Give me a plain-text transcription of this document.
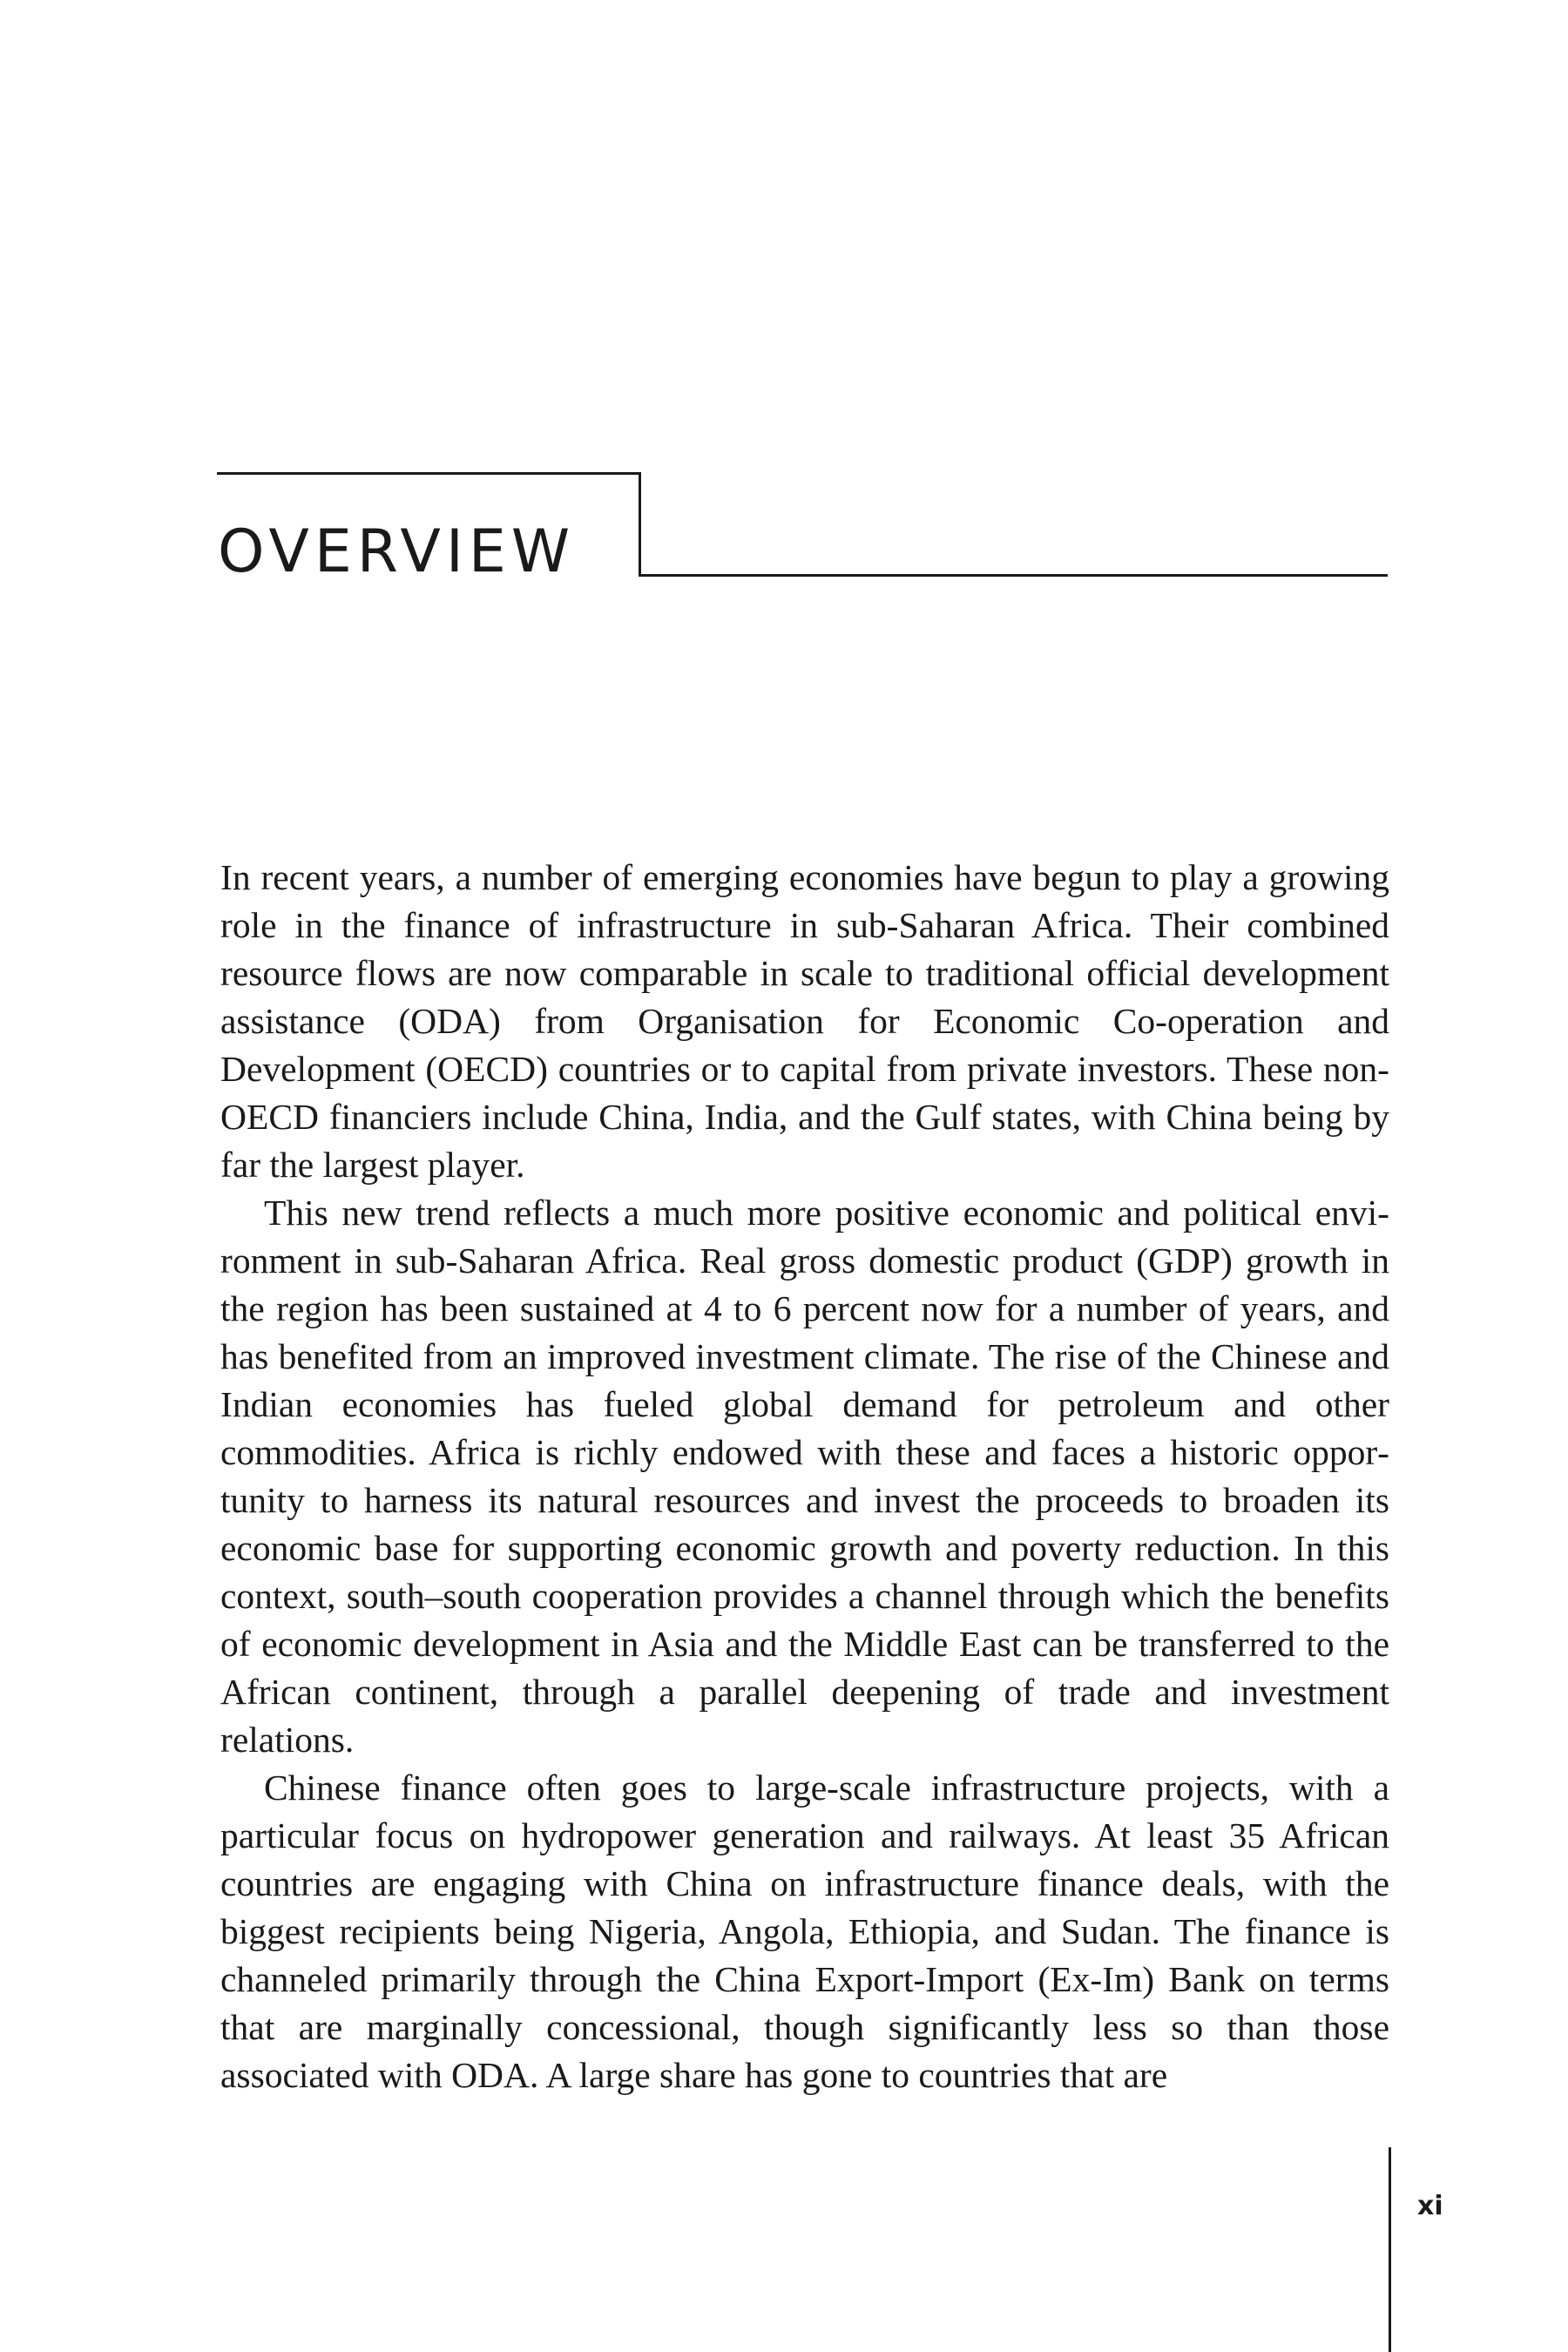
OVERVIEW

In recent years, a number of emerging economies have begun to play a growing role in the finance of infrastructure in sub-Saharan Africa. Their combined resource flows are now comparable in scale to traditional official development assistance (ODA) from Organisation for Economic Co-operation and Development (OECD) countries or to capital from private investors. These non-OECD financiers include China, India, and the Gulf states, with China being by far the largest player.

This new trend reflects a much more positive economic and political environment in sub-Saharan Africa. Real gross domestic product (GDP) growth in the region has been sustained at 4 to 6 percent now for a number of years, and has benefited from an improved investment climate. The rise of the Chinese and Indian economies has fueled global demand for petroleum and other commodities. Africa is richly endowed with these and faces a historic opportunity to harness its natural resources and invest the proceeds to broaden its economic base for supporting economic growth and poverty reduction. In this context, south–south cooperation provides a channel through which the benefits of economic development in Asia and the Middle East can be transferred to the African continent, through a parallel deepening of trade and investment relations.

Chinese finance often goes to large-scale infrastructure projects, with a particular focus on hydropower generation and railways. At least 35 African countries are engaging with China on infrastructure finance deals, with the biggest recipients being Nigeria, Angola, Ethiopia, and Sudan. The finance is channeled primarily through the China Export-Import (Ex-Im) Bank on terms that are marginally concessional, though significantly less so than those associated with ODA. A large share has gone to countries that are

xi
